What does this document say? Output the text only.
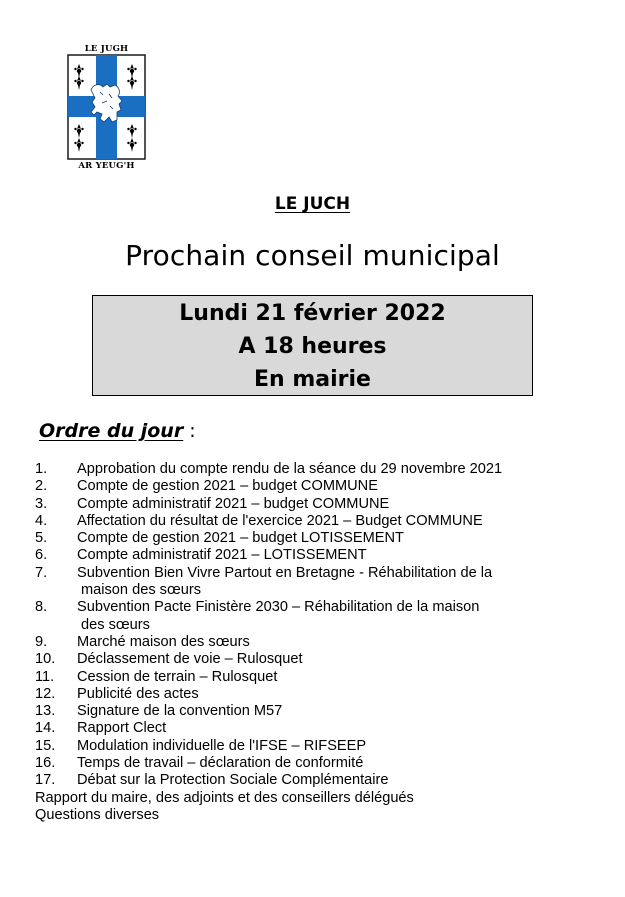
LE JUGH
AR YEUG'H
LE JUCH
Prochain conseil municipal
Lundi 21 février 2022
A 18 heures
En mairie
Ordre du jour :
1. Approbation du compte rendu de la séance du 29 novembre 2021
2. Compte de gestion 2021 – budget COMMUNE
3. Compte administratif 2021 – budget COMMUNE
4. Affectation du résultat de l'exercice 2021 – Budget COMMUNE
5. Compte de gestion 2021 – budget LOTISSEMENT
6. Compte administratif 2021 – LOTISSEMENT
7. Subvention Bien Vivre Partout en Bretagne - Réhabilitation de la
maison des sœurs
8. Subvention Pacte Finistère 2030 – Réhabilitation de la maison
des sœurs
9. Marché maison des sœurs
10. Déclassement de voie – Rulosquet
11. Cession de terrain – Rulosquet
12. Publicité des actes
13. Signature de la convention M57
14. Rapport Clect
15. Modulation individuelle de l'IFSE – RIFSEEP
16. Temps de travail – déclaration de conformité
17. Débat sur la Protection Sociale Complémentaire
Rapport du maire, des adjoints et des conseillers délégués
Questions diverses
